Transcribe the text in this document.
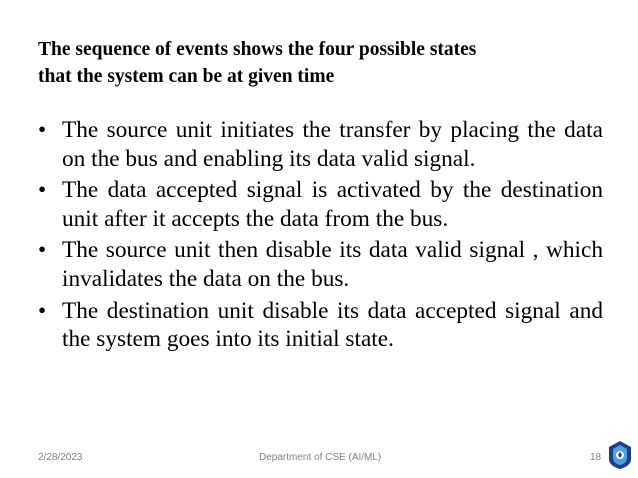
The sequence of events shows the four possible states
that the system can be at given time
• The source unit initiates the transfer by placing the data on the bus and enabling its data valid signal.
• The data accepted signal is activated by the destination unit after it accepts the data from the bus.
• The source unit then disable its data valid signal , which invalidates the data on the bus.
• The destination unit disable its data accepted signal and the system goes into its initial state.
2/28/2023	Department of CSE (AI/ML)	18
